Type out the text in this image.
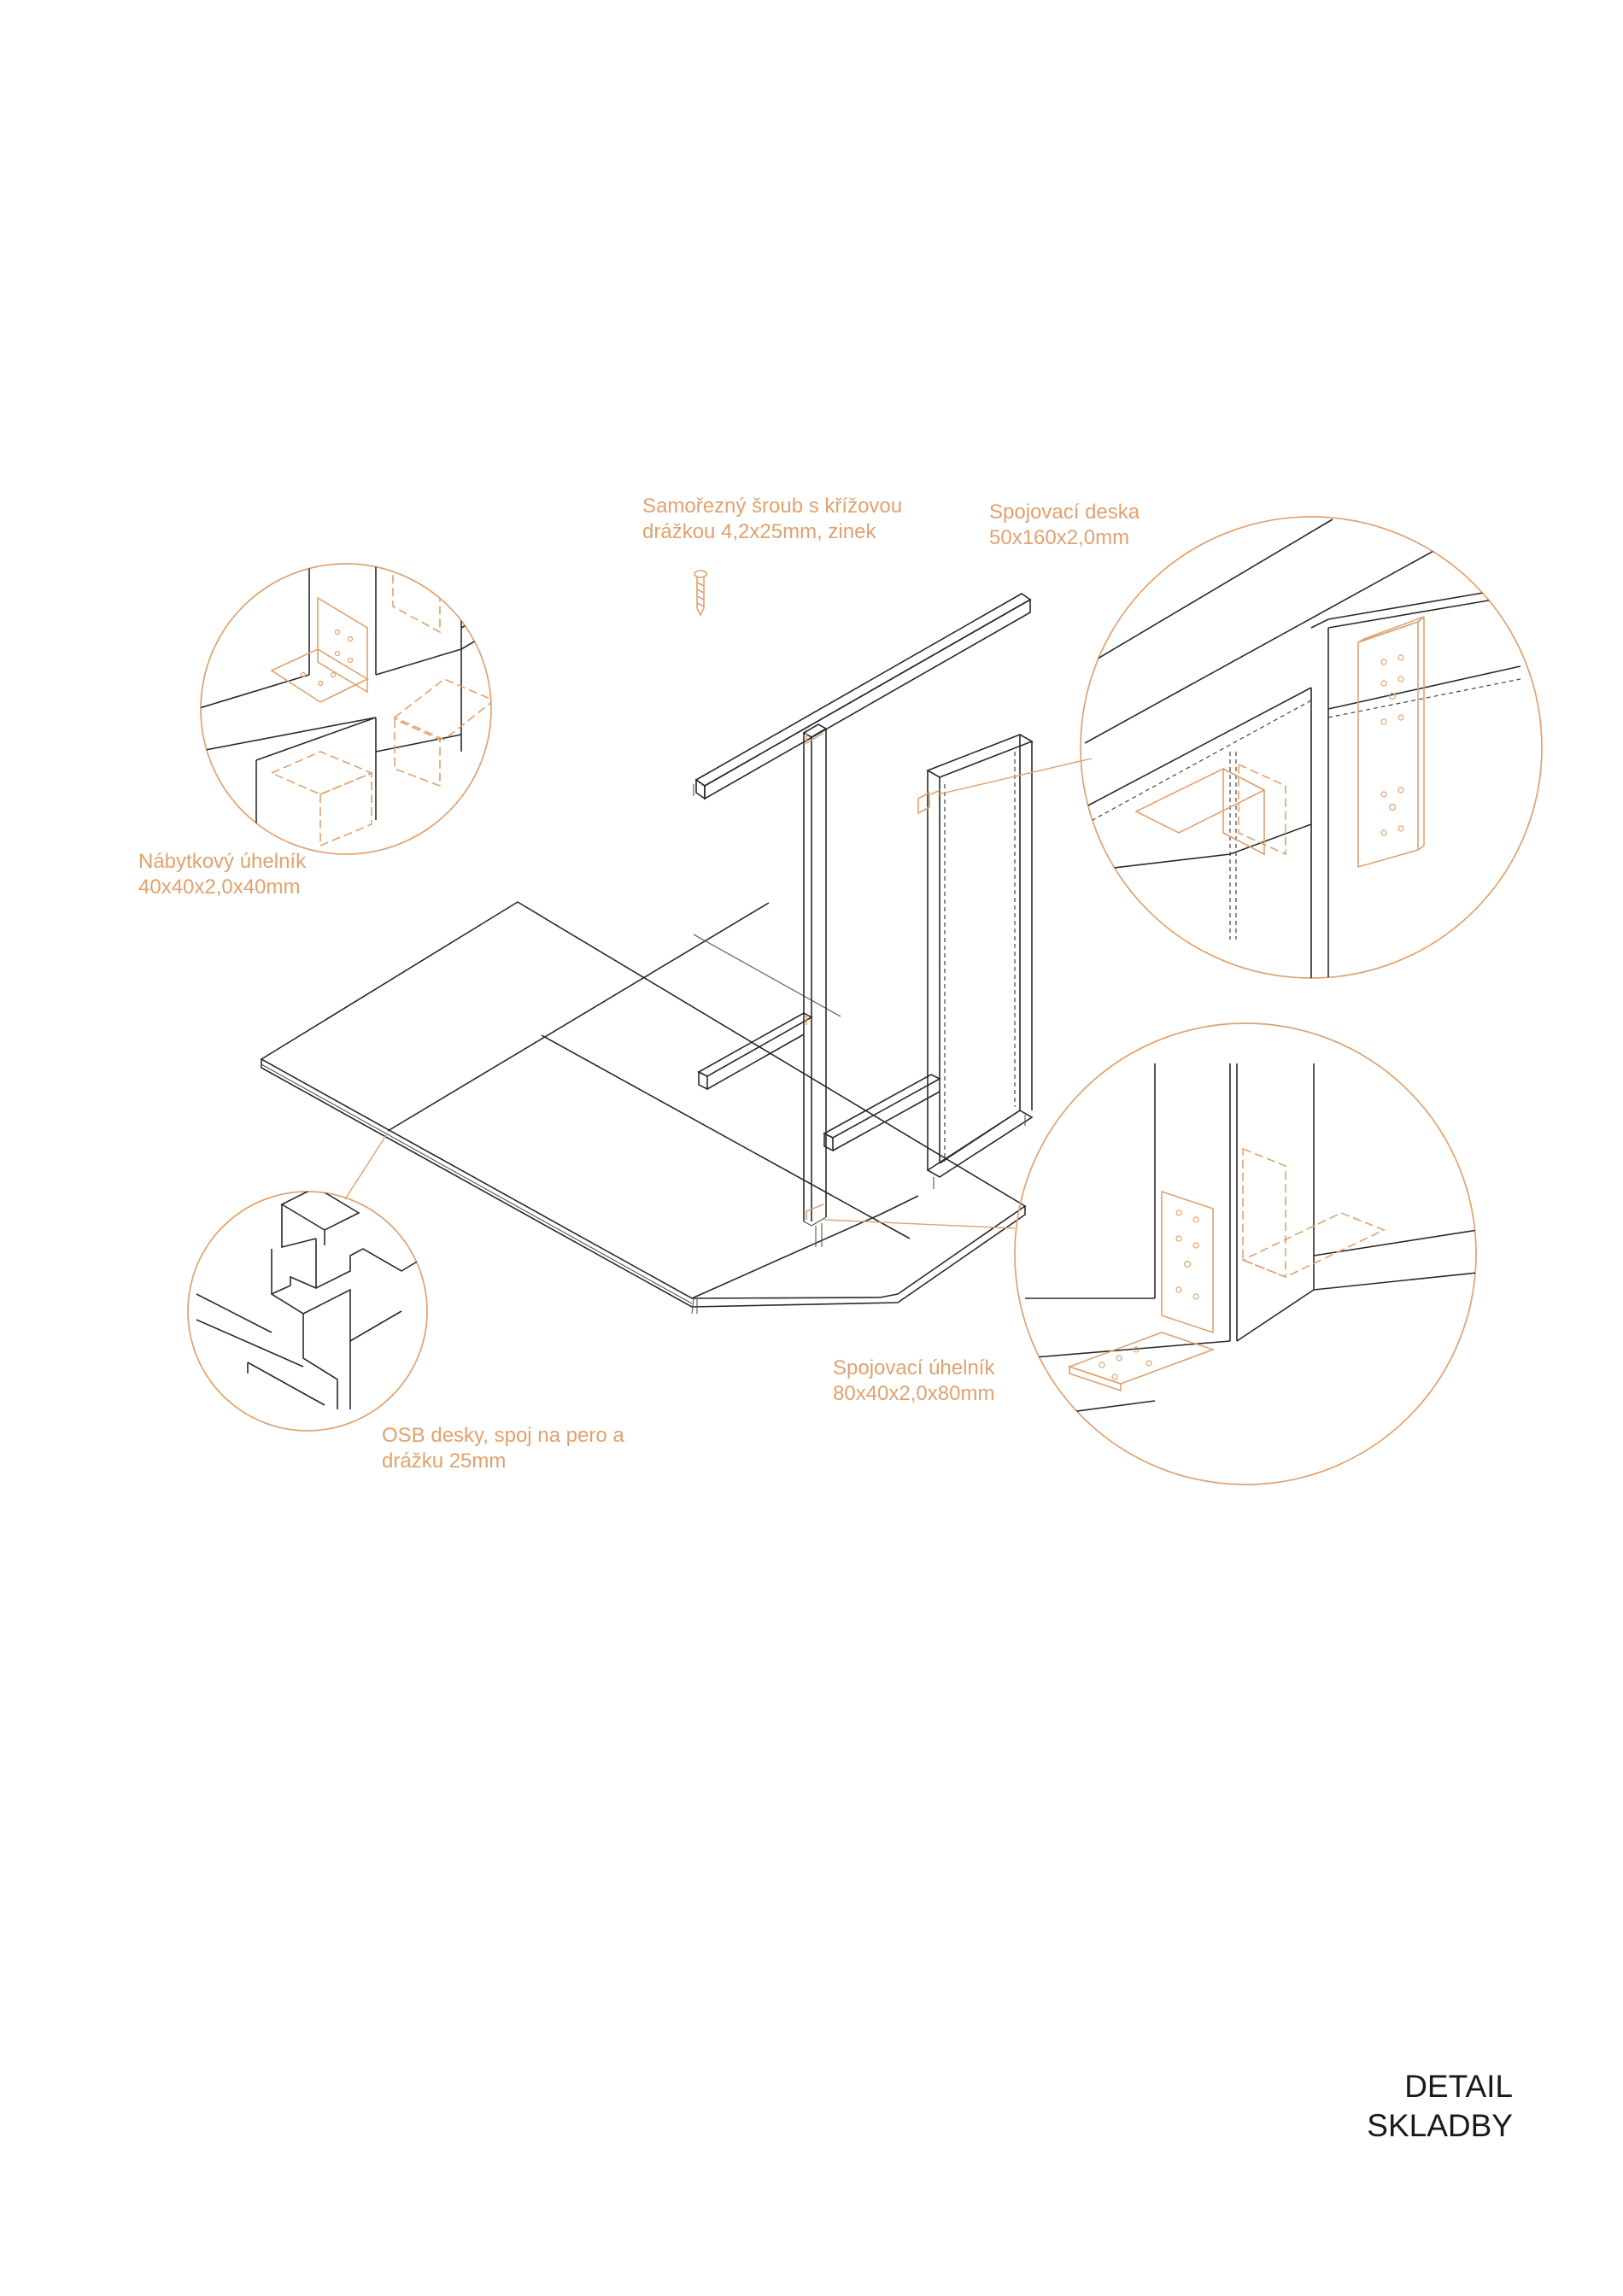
Samořezný šroub s křížovou
drážkou 4,2x25mm, zinek
Spojovací deska
50x160x2,0mm
Nábytkový úhelník
40x40x2,0x40mm
Spojovací úhelník
80x40x2,0x80mm
OSB desky, spoj na pero a
drážku 25mm
DETAIL
SKLADBY
